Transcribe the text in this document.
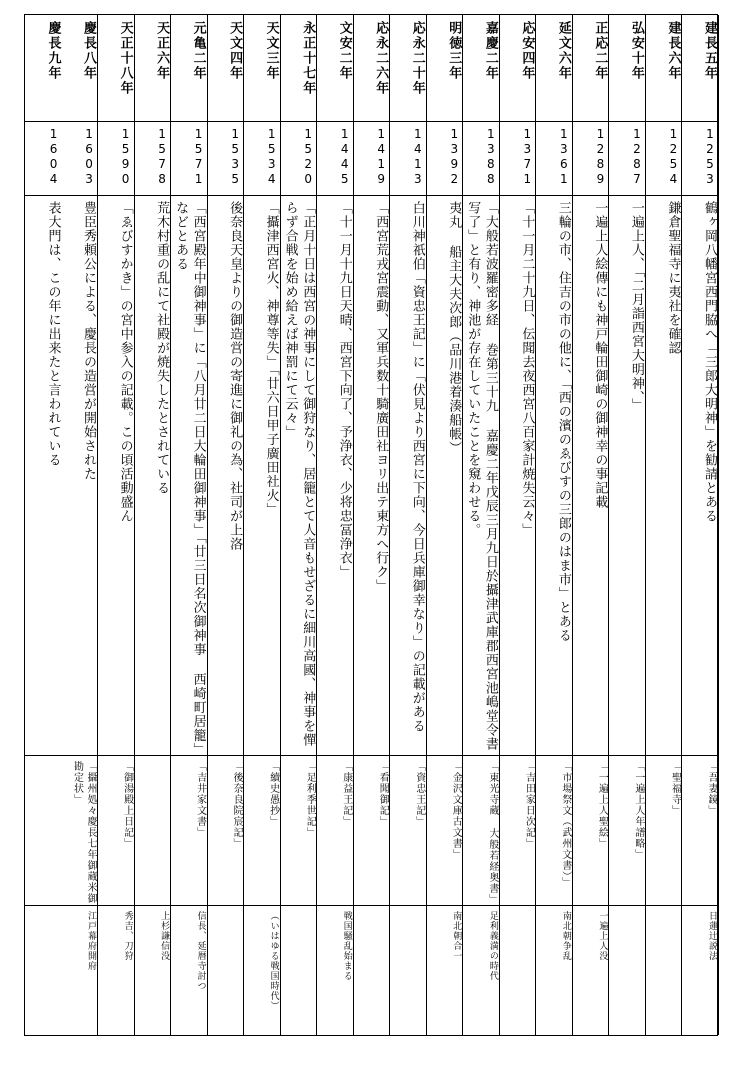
建長五年
1253
鶴ヶ岡八幡宮西門脇へ「三郎大明神」を勧請とある
「吾妻鏡」
日蓮辻説法
建長六年
1254
鎌倉聖福寺に夷社を確認
「聖福寺」
弘安十年
1287
一遍上人、「二月詣西宮大明神、」
「一遍上人年譜略」
正応二年
1289
一遍上人絵傳にも神戸輪田御崎の御神幸の事記載
「一遍上人聖絵」
一遍上人没
延文六年
1361
三輪の市、住吉の市の他に、「西の濱のゑびすの三郎のはま市」とある
「市場祭文（武州文書）」
南北朝争乱
応安四年
1371
「十一月二十九日、伝聞去夜西宮八百家計焼失云々」
「吉田家日次記」
嘉慶二年
1388
「大般若波羅密多経 巻第三十九 嘉慶二年戊辰三月九日於攝津武庫郡西宮池嶋堂令書写了」と有り、神池が存在していたことを窺わせる。
「東光寺蔵 大般若経奥書」
足利義満の時代
明徳三年
1392
夷丸 船主大夫次郎（品川港着湊船帳）
「金沢文庫古文書」
南北朝合一
応永二十年
1413
白川神祇伯「資忠王記」に「伏見より西宮に下向、今日兵庫御幸なり」の記載がある
「資忠王記」
応永二六年
1419
「西宮荒戎宮震動、又軍兵数十騎廣田社ヨリ出テ東方へ行ク」
「看聞御記」
文安二年
1445
「十一月十九日天晴、西宮下向了、予浄衣、少将忠冨浄衣」
「康益王記」
戦国騒乱始まる
永正十七年
1520
「正月十日は西宮の神事にして御狩なり、居籠とて人音もせざるに細川高國、神事を憚らず合戦を始め給えば神罰にて云々」
「足利季世記」
天文三年
1534
「攝津西宮火、神尊等失」「廿六日甲子廣田社火」
「續史愚抄」
（いはゆる戦国時代）
天文四年
1535
後奈良天皇よりの御造営の寄進に御礼の為、社司が上洛
「後奈良院宸記」
元亀二年
1571
「西宮殿年中御神事」に「八月廿二日大輪田御神事」「廿三日名次御神事 西崎町居籠」などとある
「吉井家文書」
信長、延暦寺討つ
天正六年
1578
荒木村重の乱にて社殿が焼失したとされている
上杉謙信没
天正十八年
1590
「ゑびすかき」の宮中参入の記載。この頃活動盛ん
「御湯殿上日記」
秀吉、刀狩
慶長八年
1603
豊臣秀頼公による、慶長の造営が開始された
「攝州処々慶長七年御蔵米御勘定状」
江戸幕府開府
慶長九年
1604
表大門は、この年に出来たと言われている
